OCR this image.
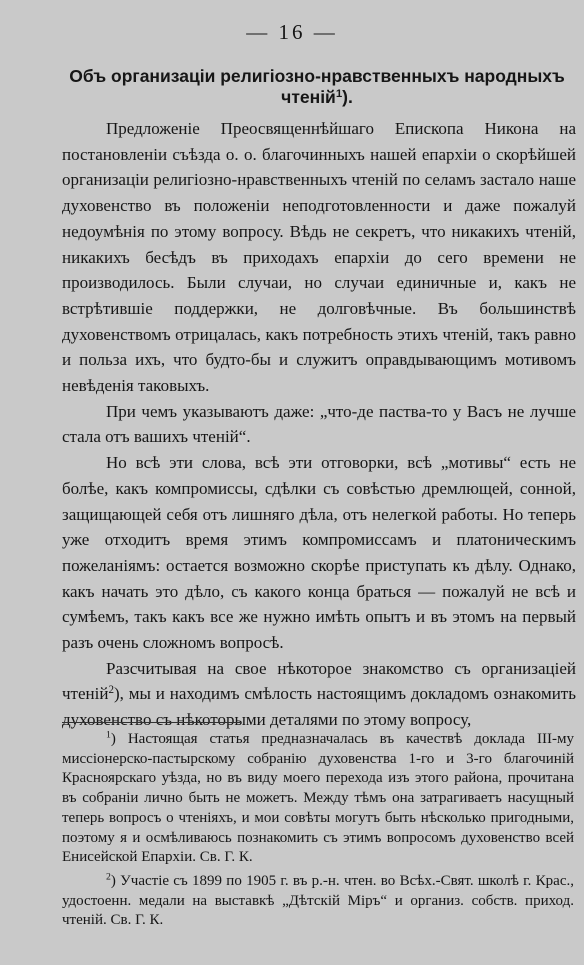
— 16 —
Объ организаціи религіозно-нравственныхъ народныхъ чтеній$^1$).

Предложеніе Преосвященнѣйшаго Епископа Никона на постановленіи съѣзда о. о. благочинныхъ нашей епархіи о скорѣйшей организаціи религіозно-нравственныхъ чтеній по селамъ застало наше духовенство въ положеніи неподготовленности и даже пожалуй недоумѣнія по этому вопросу. Вѣдь не секретъ, что никакихъ чтеній, никакихъ бесѣдъ въ приходахъ епархіи до сего времени не производилось. Были случаи, но случаи единичные и, какъ не встрѣтившіе поддержки, не долговѣчные. Въ большинствѣ духовенствомъ отрицалась, какъ потребность этихъ чтеній, такъ равно и польза ихъ, что будто-бы и служитъ оправдывающимъ мотивомъ невѣденія таковыхъ.

При чемъ указываютъ даже: „что-де паства-то у Васъ не лучше стала отъ вашихъ чтеній“.

Но всѣ эти слова, всѣ эти отговорки, всѣ „мотивы“ есть не болѣе, какъ компромиссы, сдѣлки съ совѣстью дремлющей, сонной, защищающей себя отъ лишняго дѣла, отъ нелегкой работы. Но теперь уже отходитъ время этимъ компромиссамъ и платоническимъ пожеланіямъ: остается возможно скорѣе приступать къ дѣлу. Однако, какъ начать это дѣло, съ какого конца браться — пожалуй не всѣ и сумѣемъ, такъ какъ все же нужно имѣть опытъ и въ этомъ на первый разъ очень сложномъ вопросѣ.

Разсчитывая на свое нѣкоторое знакомство съ организаціей чтеній$^2$), мы и находимъ смѣлость настоящимъ докладомъ ознакомить духовенство съ нѣкоторыми деталями по этому вопросу,

$^1$) Настоящая статья предназначалась въ качествѣ доклада III-му миссіонерско-пастырскому собранію духовенства 1-го и 3-го благочиній Красноярскаго уѣзда, но въ виду моего перехода изъ этого района, прочитана въ собраніи лично быть не можетъ. Между тѣмъ она затрагиваетъ насущный теперь вопросъ о чтеніяхъ, и мои совѣты могутъ быть нѣсколько пригодными, поэтому я и осмѣливаюсь познакомить съ этимъ вопросомъ духовенство всей Енисейской Епархіи. Св. Г. К.

$^2$) Участіе съ 1899 по 1905 г. въ р.-н. чтен. во Всѣх.-Свят. школѣ г. Крас., удостоенн. медали на выставкѣ „Дѣтскій Міръ“ и организ. собств. приход. чтеній. Св. Г. К.
